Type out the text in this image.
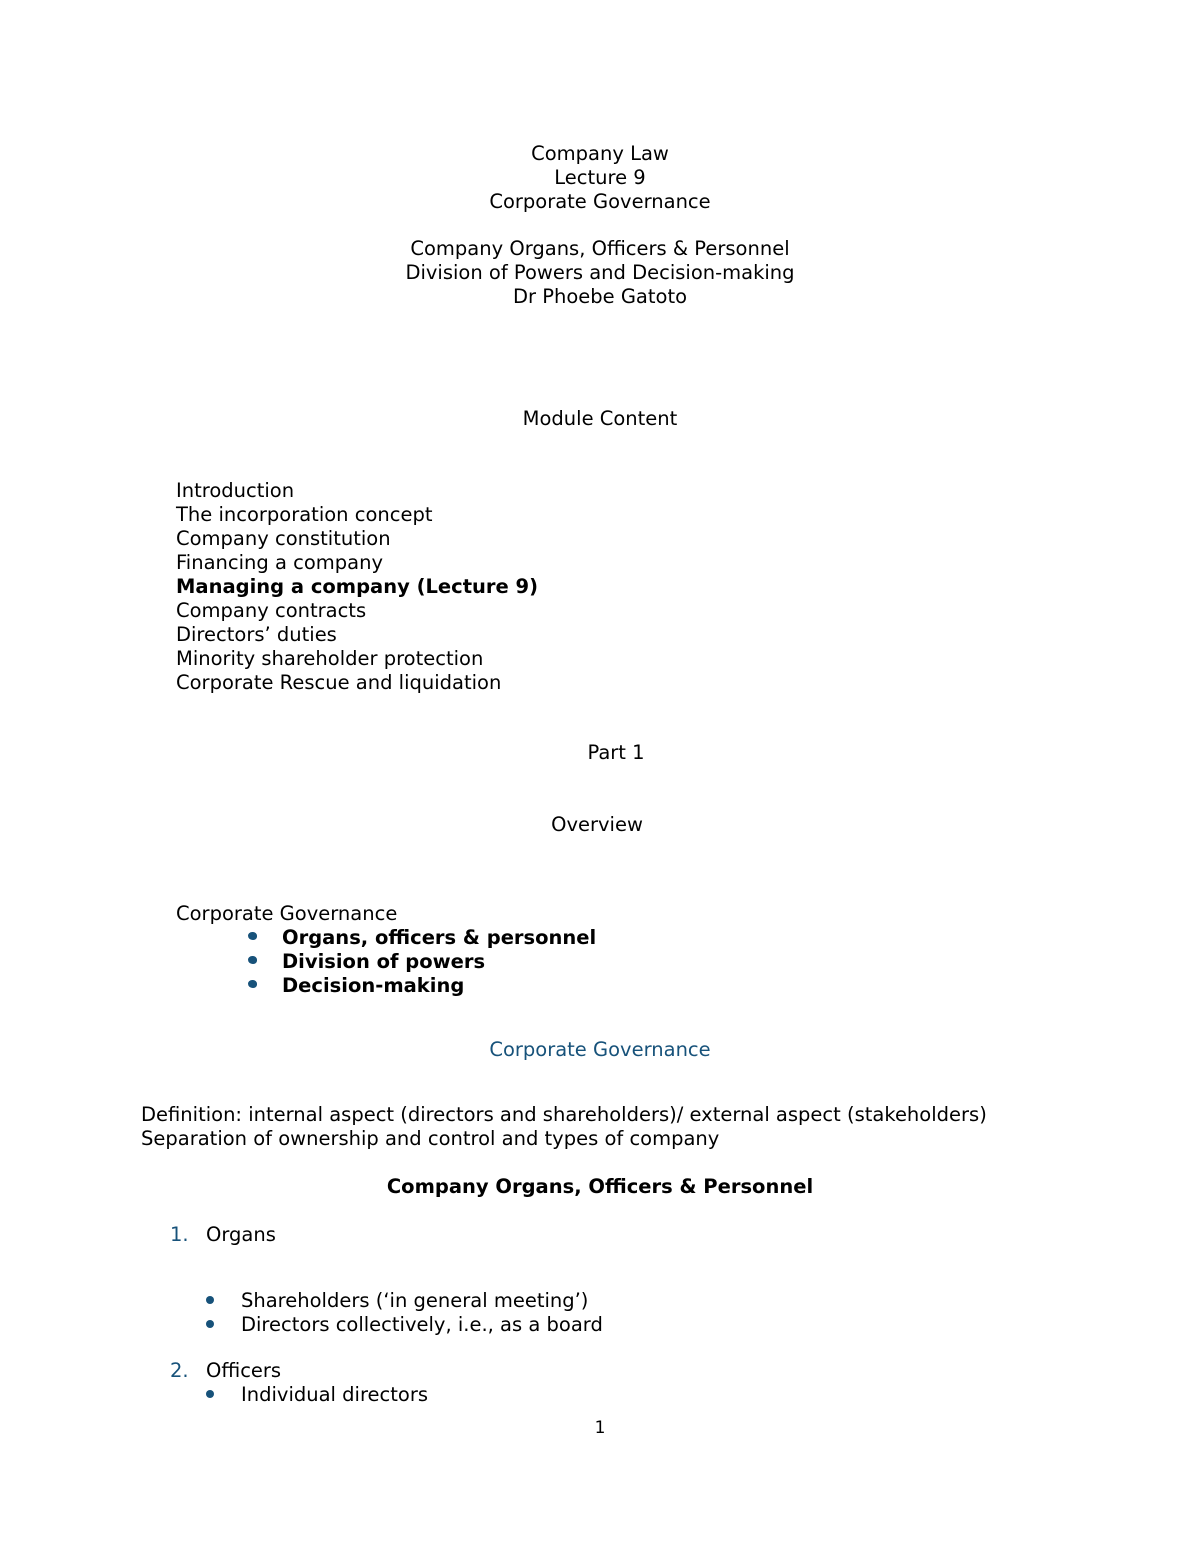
Company Law
Lecture 9
Corporate Governance
Company Organs, Officers & Personnel
Division of Powers and Decision-making
Dr Phoebe Gatoto
Module Content
Introduction
The incorporation concept
Company constitution
Financing a company
Managing a company (Lecture 9)
Company contracts
Directors’ duties
Minority shareholder protection
Corporate Rescue and liquidation
Part 1
Overview
Corporate Governance
Organs, officers & personnel
Division of powers
Decision-making
Corporate Governance
Definition: internal aspect (directors and shareholders)/ external aspect (stakeholders)
Separation of ownership and control and types of company
Company Organs, Officers & Personnel
1. Organs
Shareholders (‘in general meeting’)
Directors collectively, i.e., as a board
2. Officers
Individual directors
1
